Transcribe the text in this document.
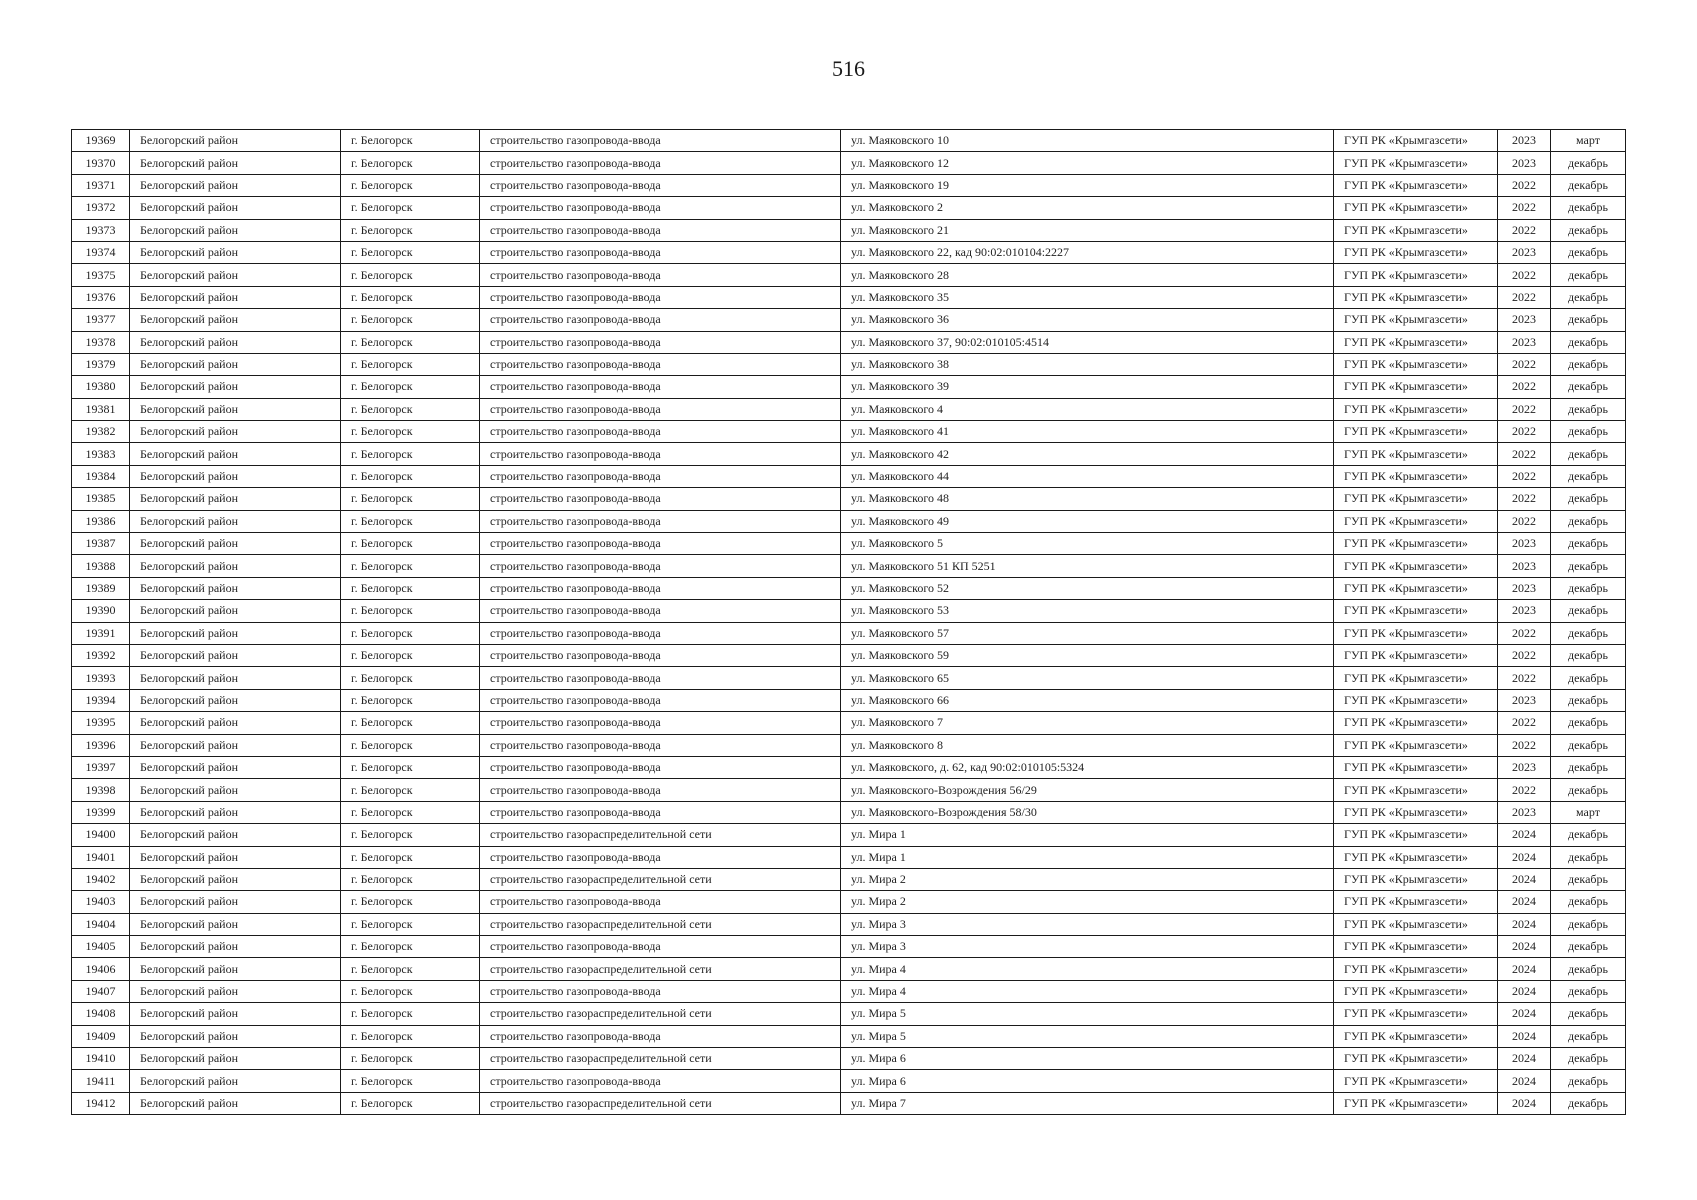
516
19369	Белогорский район	г. Белогорск	строительство газопровода-ввода	ул. Маяковского 10	ГУП РК «Крымгазсети»	2023	март
19370	Белогорский район	г. Белогорск	строительство газопровода-ввода	ул. Маяковского 12	ГУП РК «Крымгазсети»	2023	декабрь
19371	Белогорский район	г. Белогорск	строительство газопровода-ввода	ул. Маяковского 19	ГУП РК «Крымгазсети»	2022	декабрь
19372	Белогорский район	г. Белогорск	строительство газопровода-ввода	ул. Маяковского 2	ГУП РК «Крымгазсети»	2022	декабрь
19373	Белогорский район	г. Белогорск	строительство газопровода-ввода	ул. Маяковского 21	ГУП РК «Крымгазсети»	2022	декабрь
19374	Белогорский район	г. Белогорск	строительство газопровода-ввода	ул. Маяковского 22, кад 90:02:010104:2227	ГУП РК «Крымгазсети»	2023	декабрь
19375	Белогорский район	г. Белогорск	строительство газопровода-ввода	ул. Маяковского 28	ГУП РК «Крымгазсети»	2022	декабрь
19376	Белогорский район	г. Белогорск	строительство газопровода-ввода	ул. Маяковского 35	ГУП РК «Крымгазсети»	2022	декабрь
19377	Белогорский район	г. Белогорск	строительство газопровода-ввода	ул. Маяковского 36	ГУП РК «Крымгазсети»	2023	декабрь
19378	Белогорский район	г. Белогорск	строительство газопровода-ввода	ул. Маяковского 37, 90:02:010105:4514	ГУП РК «Крымгазсети»	2023	декабрь
19379	Белогорский район	г. Белогорск	строительство газопровода-ввода	ул. Маяковского 38	ГУП РК «Крымгазсети»	2022	декабрь
19380	Белогорский район	г. Белогорск	строительство газопровода-ввода	ул. Маяковского 39	ГУП РК «Крымгазсети»	2022	декабрь
19381	Белогорский район	г. Белогорск	строительство газопровода-ввода	ул. Маяковского 4	ГУП РК «Крымгазсети»	2022	декабрь
19382	Белогорский район	г. Белогорск	строительство газопровода-ввода	ул. Маяковского 41	ГУП РК «Крымгазсети»	2022	декабрь
19383	Белогорский район	г. Белогорск	строительство газопровода-ввода	ул. Маяковского 42	ГУП РК «Крымгазсети»	2022	декабрь
19384	Белогорский район	г. Белогорск	строительство газопровода-ввода	ул. Маяковского 44	ГУП РК «Крымгазсети»	2022	декабрь
19385	Белогорский район	г. Белогорск	строительство газопровода-ввода	ул. Маяковского 48	ГУП РК «Крымгазсети»	2022	декабрь
19386	Белогорский район	г. Белогорск	строительство газопровода-ввода	ул. Маяковского 49	ГУП РК «Крымгазсети»	2022	декабрь
19387	Белогорский район	г. Белогорск	строительство газопровода-ввода	ул. Маяковского 5	ГУП РК «Крымгазсети»	2023	декабрь
19388	Белогорский район	г. Белогорск	строительство газопровода-ввода	ул. Маяковского 51 КП 5251	ГУП РК «Крымгазсети»	2023	декабрь
19389	Белогорский район	г. Белогорск	строительство газопровода-ввода	ул. Маяковского 52	ГУП РК «Крымгазсети»	2023	декабрь
19390	Белогорский район	г. Белогорск	строительство газопровода-ввода	ул. Маяковского 53	ГУП РК «Крымгазсети»	2023	декабрь
19391	Белогорский район	г. Белогорск	строительство газопровода-ввода	ул. Маяковского 57	ГУП РК «Крымгазсети»	2022	декабрь
19392	Белогорский район	г. Белогорск	строительство газопровода-ввода	ул. Маяковского 59	ГУП РК «Крымгазсети»	2022	декабрь
19393	Белогорский район	г. Белогорск	строительство газопровода-ввода	ул. Маяковского 65	ГУП РК «Крымгазсети»	2022	декабрь
19394	Белогорский район	г. Белогорск	строительство газопровода-ввода	ул. Маяковского 66	ГУП РК «Крымгазсети»	2023	декабрь
19395	Белогорский район	г. Белогорск	строительство газопровода-ввода	ул. Маяковского 7	ГУП РК «Крымгазсети»	2022	декабрь
19396	Белогорский район	г. Белогорск	строительство газопровода-ввода	ул. Маяковского 8	ГУП РК «Крымгазсети»	2022	декабрь
19397	Белогорский район	г. Белогорск	строительство газопровода-ввода	ул. Маяковского, д. 62, кад 90:02:010105:5324	ГУП РК «Крымгазсети»	2023	декабрь
19398	Белогорский район	г. Белогорск	строительство газопровода-ввода	ул. Маяковского-Возрождения 56/29	ГУП РК «Крымгазсети»	2022	декабрь
19399	Белогорский район	г. Белогорск	строительство газопровода-ввода	ул. Маяковского-Возрождения 58/30	ГУП РК «Крымгазсети»	2023	март
19400	Белогорский район	г. Белогорск	строительство газораспределительной сети	ул. Мира 1	ГУП РК «Крымгазсети»	2024	декабрь
19401	Белогорский район	г. Белогорск	строительство газопровода-ввода	ул. Мира 1	ГУП РК «Крымгазсети»	2024	декабрь
19402	Белогорский район	г. Белогорск	строительство газораспределительной сети	ул. Мира 2	ГУП РК «Крымгазсети»	2024	декабрь
19403	Белогорский район	г. Белогорск	строительство газопровода-ввода	ул. Мира 2	ГУП РК «Крымгазсети»	2024	декабрь
19404	Белогорский район	г. Белогорск	строительство газораспределительной сети	ул. Мира 3	ГУП РК «Крымгазсети»	2024	декабрь
19405	Белогорский район	г. Белогорск	строительство газопровода-ввода	ул. Мира 3	ГУП РК «Крымгазсети»	2024	декабрь
19406	Белогорский район	г. Белогорск	строительство газораспределительной сети	ул. Мира 4	ГУП РК «Крымгазсети»	2024	декабрь
19407	Белогорский район	г. Белогорск	строительство газопровода-ввода	ул. Мира 4	ГУП РК «Крымгазсети»	2024	декабрь
19408	Белогорский район	г. Белогорск	строительство газораспределительной сети	ул. Мира 5	ГУП РК «Крымгазсети»	2024	декабрь
19409	Белогорский район	г. Белогорск	строительство газопровода-ввода	ул. Мира 5	ГУП РК «Крымгазсети»	2024	декабрь
19410	Белогорский район	г. Белогорск	строительство газораспределительной сети	ул. Мира 6	ГУП РК «Крымгазсети»	2024	декабрь
19411	Белогорский район	г. Белогорск	строительство газопровода-ввода	ул. Мира 6	ГУП РК «Крымгазсети»	2024	декабрь
19412	Белогорский район	г. Белогорск	строительство газораспределительной сети	ул. Мира 7	ГУП РК «Крымгазсети»	2024	декабрь
